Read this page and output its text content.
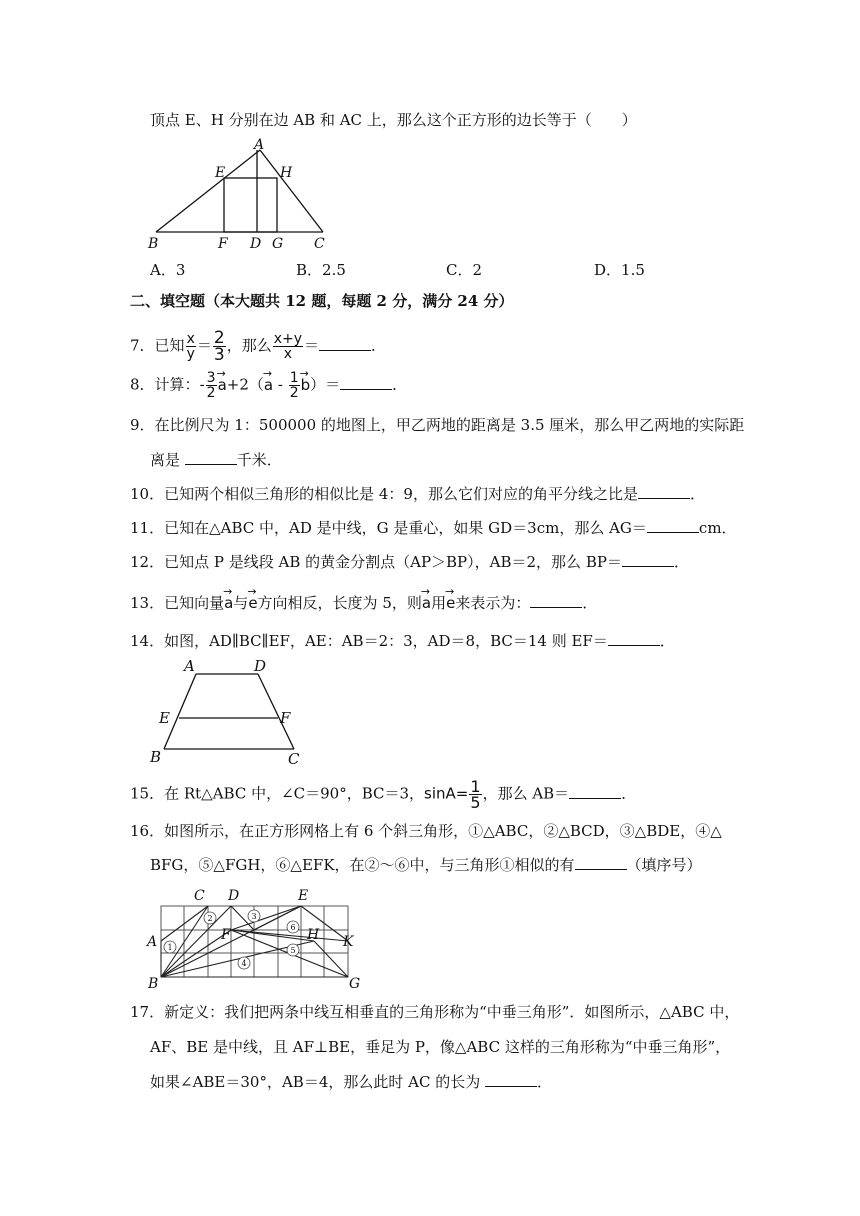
顶点 E、H 分别在边 AB 和 AC 上，那么这个正方形的边长等于（　　）
A
E	H
B	F D G C
A．3	B．2.5	C．2	D．1.5
二、填空题（本大题共 12 题，每题 2 分，满分 24 分）
7．已知 $\frac{x}{y} = \frac{2}{3}$ ，那么 $\frac{x+y}{x}$ ＝	．
8．计算：- $\frac{3}{2}$
→ $a+2(\to a - \frac{1}{2}$
→ b）＝	．
9．在比例尺为 1：500000 的地图上，甲乙两地的距离是 3.5 厘米，那么甲乙两地的实际距
离是	千米．
10．已知两个相似三角形的相似比是 4：9，那么它们对应的角平分线之比是	．
11．已知在△ABC 中，AD 是中线，G 是重心，如果 GD＝3cm，那么 AG＝	cm．
12．已知点 P 是线段 AB 的黄金分割点（AP＞BP），AB＝2，那么 BP＝	．
13．已知向量→ a与→ e方向相反，长度为 5，则→ a用→ e来表示为：	．
14．如图，AD∥BC∥EF，AE：AB＝2：3，AD＝8，BC＝14 则 EF＝	．
A	D
E	F
B	C
15．在 Rt△ABC 中，∠C＝90°，BC＝3，$\sin A= \frac{1}{5}$ ，那么 AB＝	．
16．如图所示，在正方形网格上有 6 个斜三角形，①△ABC，②△BCD，③△BDE，④△
BFG，⑤△FGH，⑥△EFK，在②～⑥中，与三角形①相似的有	（填序号）
C D	E
A	F	H K
B	G
1
2	3
4
5
6
17．新定义：我们把两条中线互相垂直的三角形称为“中垂三角形”．如图所示，△ABC 中，
AF、BE 是中线，且 AF⊥BE，垂足为 P，像△ABC 这样的三角形称为“中垂三角形”，
如果∠ABE＝30°，AB＝4，那么此时 AC 的长为	．
